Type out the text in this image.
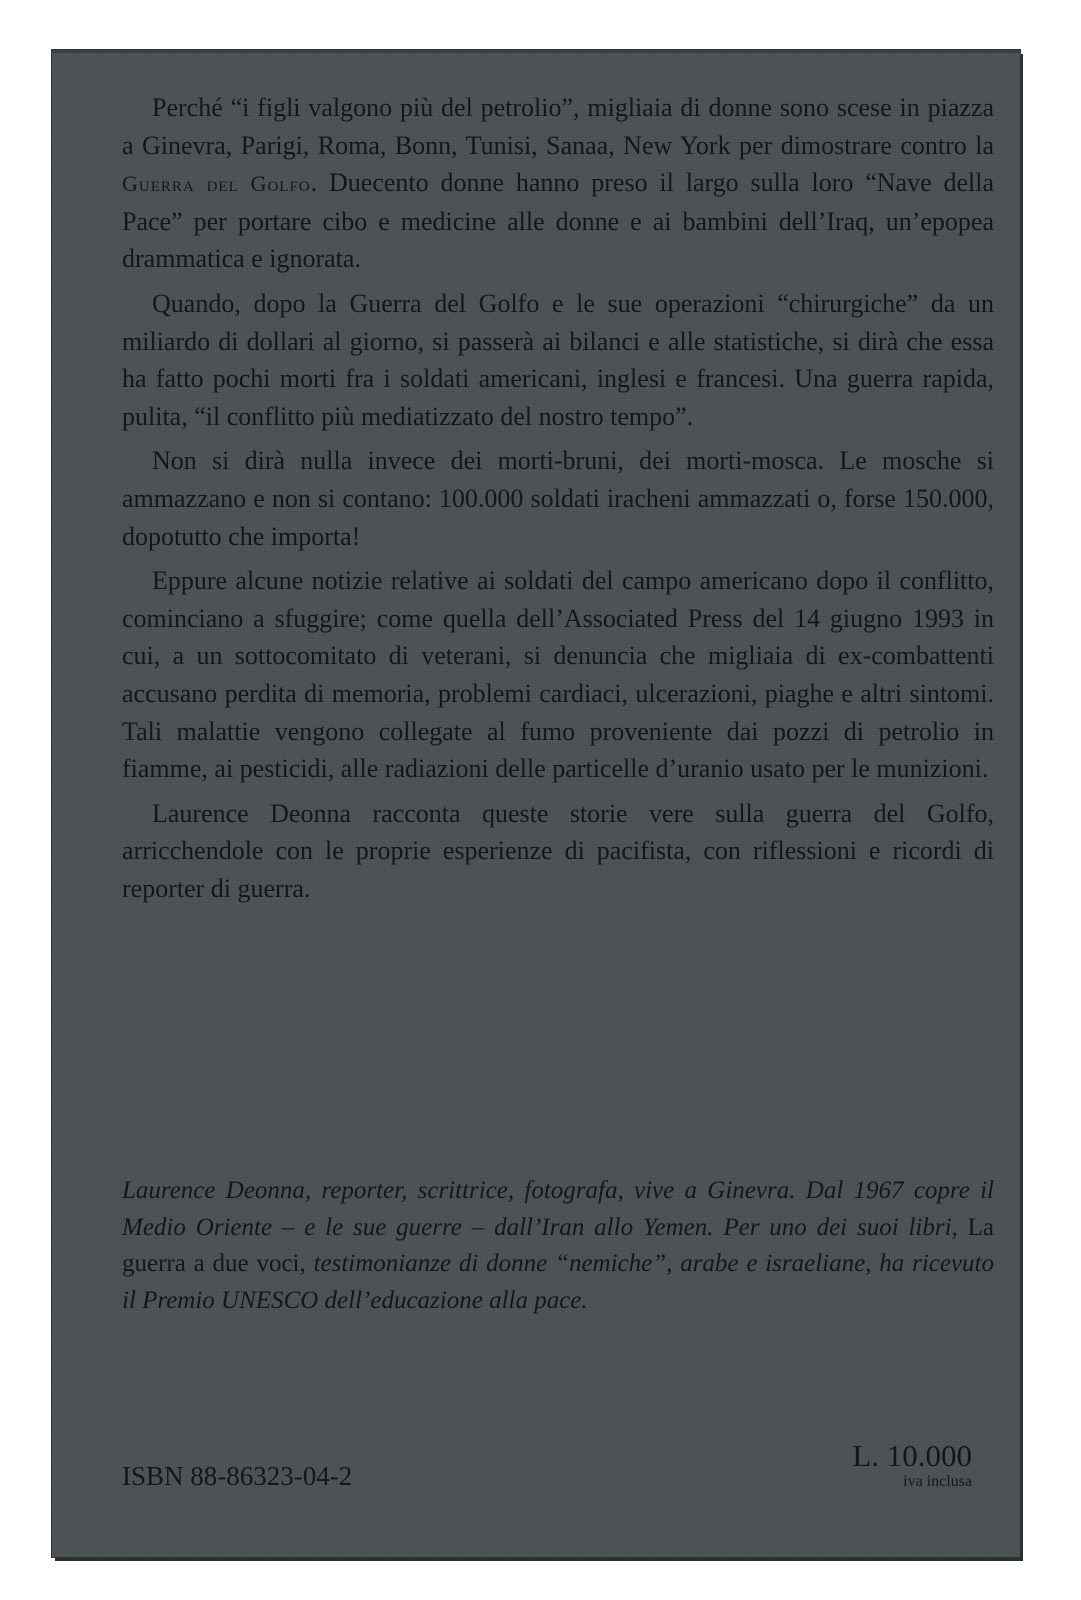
Perché “i figli valgono più del petrolio”, migliaia di donne sono scese in piazza a Ginevra, Parigi, Roma, Bonn, Tunisi, Sanaa, New York per dimostrare contro la Guerra del Golfo. Duecento donne hanno preso il largo sulla loro “Nave della Pace” per portare cibo e medicine alle donne e ai bambini dell’Iraq, un’epopea drammatica e ignorata.

Quando, dopo la Guerra del Golfo e le sue operazioni “chirurgiche” da un miliardo di dollari al giorno, si passerà ai bilanci e alle statistiche, si dirà che essa ha fatto pochi morti fra i soldati americani, inglesi e francesi. Una guerra rapida, pulita, “il conflitto più mediatizzato del nostro tempo”.

Non si dirà nulla invece dei morti-bruni, dei morti-mosca. Le mosche si ammazzano e non si contano: 100.000 soldati iracheni ammazzati o, forse 150.000, dopotutto che importa!

Eppure alcune notizie relative ai soldati del campo americano dopo il conflitto, cominciano a sfuggire; come quella dell’Associated Press del 14 giugno 1993 in cui, a un sottocomitato di veterani, si denuncia che migliaia di ex-combattenti accusano perdita di memoria, problemi cardiaci, ulcerazioni, piaghe e altri sintomi. Tali malattie vengono collegate al fumo proveniente dai pozzi di petrolio in fiamme, ai pesticidi, alle radiazioni delle particelle d’uranio usato per le munizioni.

Laurence Deonna racconta queste storie vere sulla guerra del Golfo, arricchendole con le proprie esperienze di pacifista, con riflessioni e ricordi di reporter di guerra.

Laurence Deonna, reporter, scrittrice, fotografa, vive a Ginevra. Dal 1967 copre il Medio Oriente – e le sue guerre – dall’Iran allo Yemen. Per uno dei suoi libri, La guerra a due voci, testimonianze di donne “nemiche”, arabe e israeliane, ha ricevuto il Premio UNESCO dell’educazione alla pace.
ISBN 88-86323-04-2
L. 10.000
iva inclusa
